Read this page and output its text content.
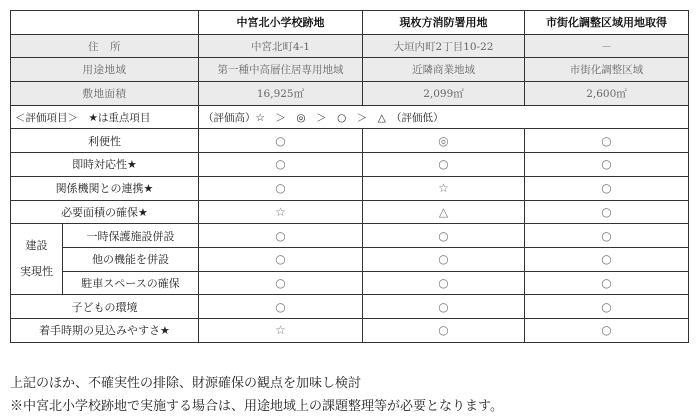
		中宮北小学校跡地	現枚方消防署用地	市街化調整区域用地取得
住　所		中宮北町4-1	大垣内町2丁目10-22	－
用途地域		第一種中高層住居専用地域	近隣商業地域	市街化調整区域
敷地面積		16,925㎡	2,099㎡	2,600㎡
＜評価項目＞　★は重点項目		（評価高）☆　＞　◎　＞　○　＞　△　（評価低）		
利便性		○	◎	○
即時対応性★		○	○	○
関係機関との連携★		○	☆	○
必要面積の確保★		☆	△	○

建設
実現性	一時保護施設併設	○	○	○
	他の機能を併設	○	○	○
	駐車スペースの確保	○	○	○
子どもの環境		○	○	○
着手時期の見込みやすさ★		☆	○	○
上記のほか、不確実性の排除、財源確保の観点を加味し検討
※中宮北小学校跡地で実施する場合は、用途地域上の課題整理等が必要となります。
